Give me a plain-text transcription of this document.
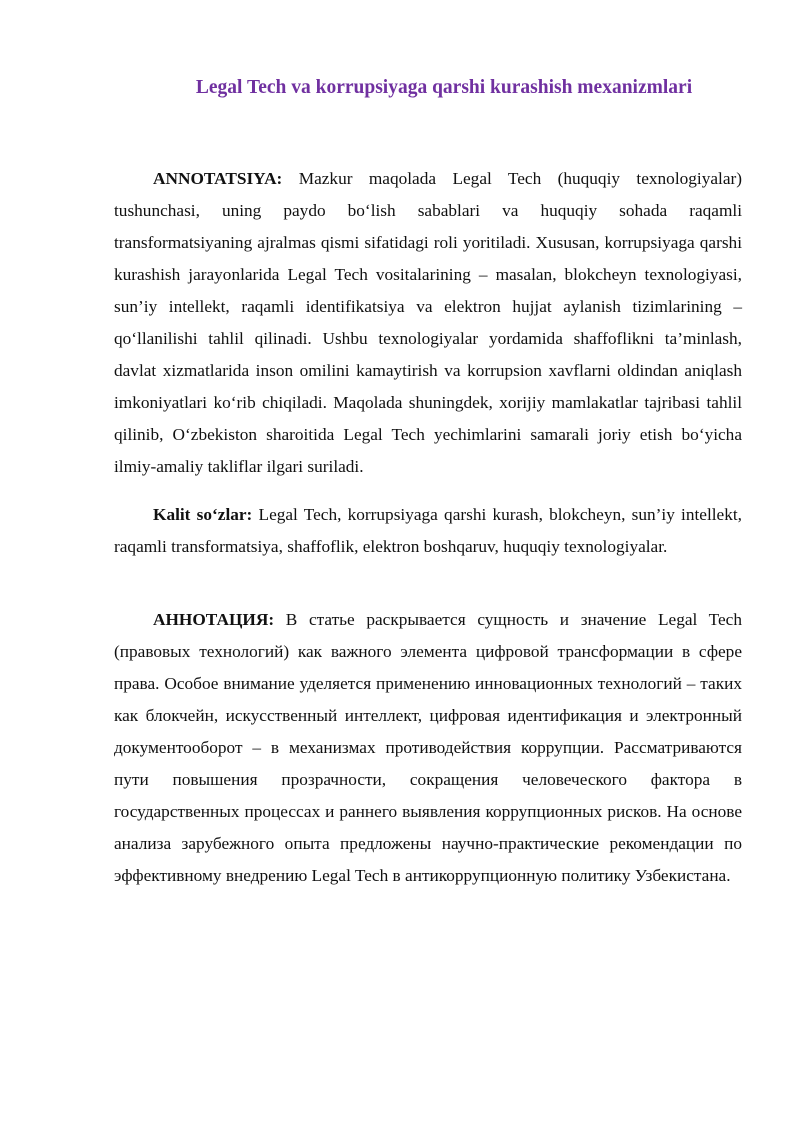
Legal Tech va korrupsiyaga qarshi kurashish mexanizmlari

ANNOTATSIYA: Mazkur maqolada Legal Tech (huquqiy texnologiyalar) tushunchasi, uning paydo boʻlish sabablari va huquqiy sohada raqamli transformatsiyaning ajralmas qismi sifatidagi roli yoritiladi. Xususan, korrupsiyaga qarshi kurashish jarayonlarida Legal Tech vositalarining – masalan, blokcheyn texnologiyasi, sun’iy intellekt, raqamli identifikatsiya va elektron hujjat aylanish tizimlarining – qoʻllanilishi tahlil qilinadi. Ushbu texnologiyalar yordamida shaffoflikni ta’minlash, davlat xizmatlarida inson omilini kamaytirish va korrupsion xavflarni oldindan aniqlash imkoniyatlari koʻrib chiqiladi. Maqolada shuningdek, xorijiy mamlakatlar tajribasi tahlil qilinib, Oʻzbekiston sharoitida Legal Tech yechimlarini samarali joriy etish boʻyicha ilmiy-amaliy takliflar ilgari suriladi.

Kalit soʻzlar: Legal Tech, korrupsiyaga qarshi kurash, blokcheyn, sun’iy intellekt, raqamli transformatsiya, shaffoflik, elektron boshqaruv, huquqiy texnologiyalar.

АННОТАЦИЯ: В статье раскрывается сущность и значение Legal Tech (правовых технологий) как важного элемента цифровой трансформации в сфере права. Особое внимание уделяется применению инновационных технологий – таких как блокчейн, искусственный интеллект, цифровая идентификация и электронный документооборот – в механизмах противодействия коррупции. Рассматриваются пути повышения прозрачности, сокращения человеческого фактора в государственных процессах и раннего выявления коррупционных рисков. На основе анализа зарубежного опыта предложены научно-практические рекомендации по эффективному внедрению Legal Tech в антикоррупционную политику Узбекистана.
